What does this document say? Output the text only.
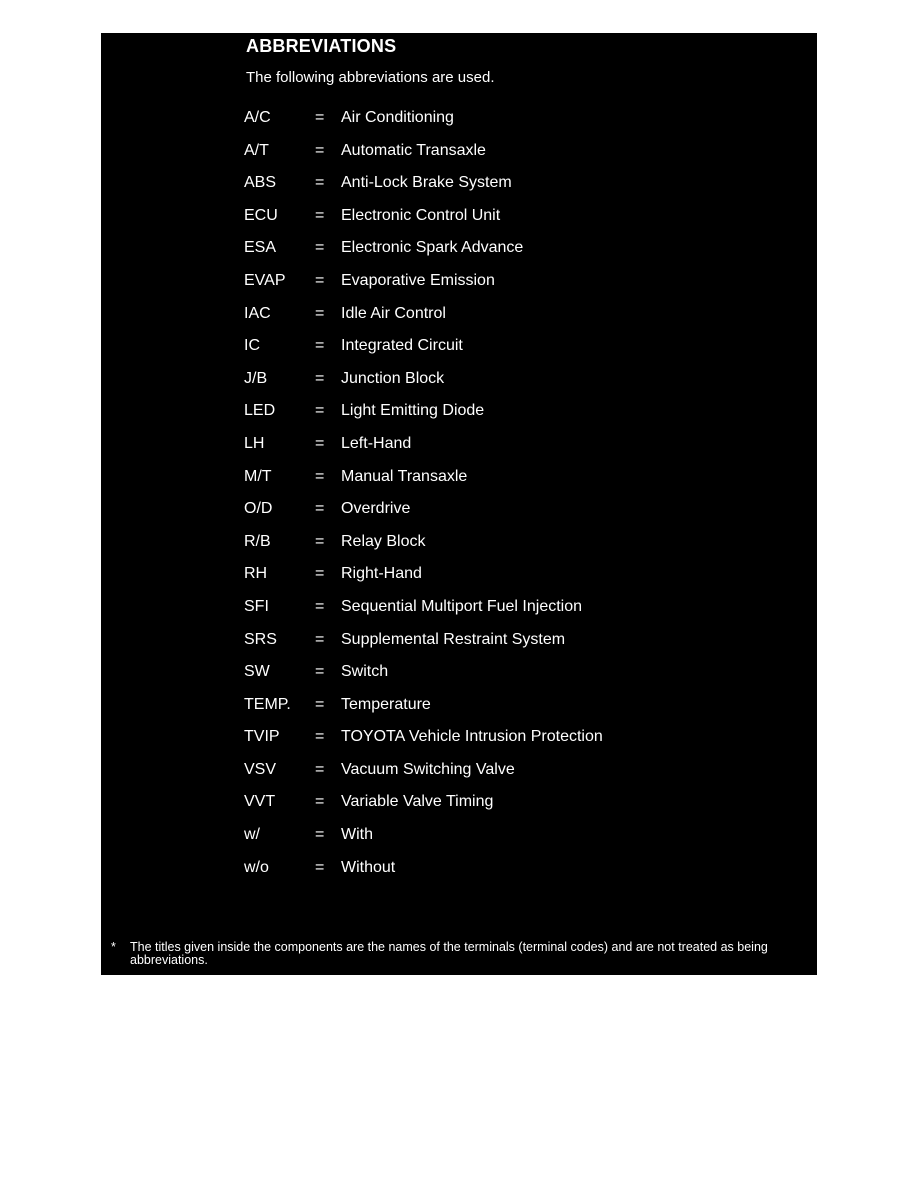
ABBREVIATIONS
The following abbreviations are used.
A/C	= Air Conditioning
A/T	= Automatic Transaxle
ABS = Anti-Lock Brake System
ECU = Electronic Control Unit
ESA = Electronic Spark Advance
EVAP = Evaporative Emission
IAC	= Idle Air Control
IC	= Integrated Circuit
J/B	= Junction Block
LED = Light Emitting Diode
LH	= Left-Hand
M/T	= Manual Transaxle
O/D	= Overdrive
R/B	= Relay Block
RH	= Right-Hand
SFI	= Sequential Multiport Fuel Injection
SRS = Supplemental Restraint System
SW	= Switch
TEMP. = Temperature
TVIP = TOYOTA Vehicle Intrusion Protection
VSV = Vacuum Switching Valve
VVT = Variable Valve Timing
w/	= With
w/o	= Without
* The titles given inside the components are the names of the terminals (terminal codes) and are not treated as being abbreviations.
